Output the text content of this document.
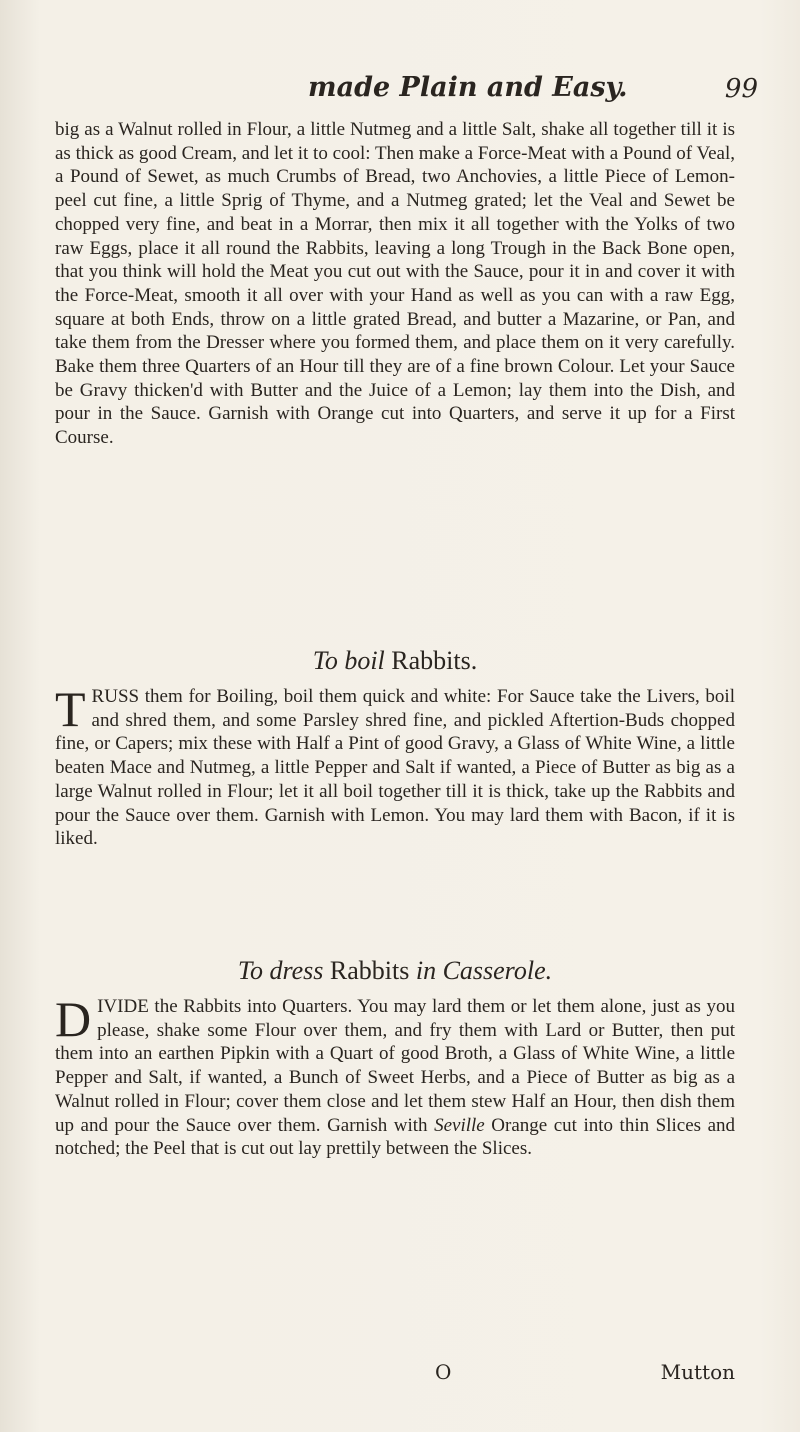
made Plain and Easy.	99

big as a Walnut rolled in Flour, a little Nutmeg and a little Salt, shake all together till it is as thick as good Cream, and let it to cool: Then make a Force-Meat with a Pound of Veal, a Pound of Sewet, as much Crumbs of Bread, two Anchovies, a little Piece of Lemon-peel cut fine, a little Sprig of Thyme, and a Nutmeg grated; let the Veal and Sewet be chopped very fine, and beat in a Morrar, then mix it all together with the Yolks of two raw Eggs, place it all round the Rabbits, leaving a long Trough in the Back Bone open, that you think will hold the Meat you cut out with the Sauce, pour it in and cover it with the Force-Meat, smooth it all over with your Hand as well as you can with a raw Egg, square at both Ends, throw on a little grated Bread, and butter a Mazarine, or Pan, and take them from the Dresser where you formed them, and place them on it very carefully. Bake them three Quarters of an Hour till they are of a fine brown Colour. Let your Sauce be Gravy thicken'd with Butter and the Juice of a Lemon; lay them into the Dish, and pour in the Sauce. Garnish with Orange cut into Quarters, and serve it up for a First Course.

To boil Rabbits.

TRUSS them for Boiling, boil them quick and white: For Sauce take the Livers, boil and shred them, and some Parsley shred fine, and pickled Aftertion-Buds chopped fine, or Capers; mix these with Half a Pint of good Gravy, a Glass of White Wine, a little beaten Mace and Nutmeg, a little Pepper and Salt if wanted, a Piece of Butter as big as a large Walnut rolled in Flour; let it all boil together till it is thick, take up the Rabbits and pour the Sauce over them. Garnish with Lemon. You may lard them with Bacon, if it is liked.

To dress Rabbits in Casserole.

DIVIDE the Rabbits into Quarters. You may lard them or let them alone, just as you please, shake some Flour over them, and fry them with Lard or Butter, then put them into an earthen Pipkin with a Quart of good Broth, a Glass of White Wine, a little Pepper and Salt, if wanted, a Bunch of Sweet Herbs, and a Piece of Butter as big as a Walnut rolled in Flour; cover them close and let them stew Half an Hour, then dish them up and pour the Sauce over them. Garnish with Seville Orange cut into thin Slices and notched; the Peel that is cut out lay prettily between the Slices.

O	Mutton
